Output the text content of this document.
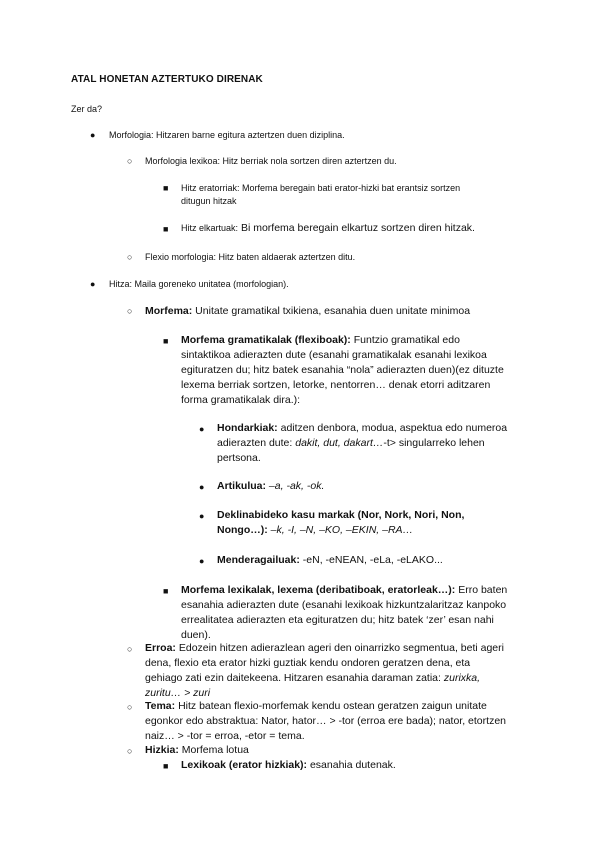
ATAL HONETAN AZTERTUKO DIRENAK
Zer da?
● Morfologia: Hitzaren barne egitura aztertzen duen diziplina.
○ Morfologia lexikoa: Hitz berriak nola sortzen diren aztertzen du.
■ Hitz eratorriak: Morfema beregain bati erator-hizki bat erantsiz sortzen
ditugun hitzak
■ Hitz elkartuak: Bi morfema beregain elkartuz sortzen diren hitzak.
○ Flexio morfologia: Hitz baten aldaerak aztertzen ditu.
● Hitza: Maila goreneko unitatea (morfologian).
○ Morfema: Unitate gramatikal txikiena, esanahia duen unitate minimoa
■ Morfema gramatikalak (flexiboak): Funtzio gramatikal edo
sintaktikoa adierazten dute (esanahi gramatikalak esanahi lexikoa
egituratzen du; hitz batek esanahia “nola” adierazten duen)(ez dituzte
lexema berriak sortzen, letorke, nentorren… denak etorri aditzaren
forma gramatikalak dira.):
● Hondarkiak: aditzen denbora, modua, aspektua edo numeroa
adierazten dute: dakit, dut, dakart…-t> singularreko lehen
pertsona.
● Artikulua: –a, -ak, -ok.
● Deklinabideko kasu markak (Nor, Nork, Nori, Non,
Nongo…): –k, -I, –N, –KO, –EKIN, –RA…
● Menderagailuak: -eN, -eNEAN, -eLa, -eLAKO...
■ Morfema lexikalak, lexema (deribatiboak, eratorleak…): Erro baten
esanahia adierazten dute (esanahi lexikoak hizkuntzalaritzaz kanpoko
errealitatea adierazten eta egituratzen du; hitz batek ‘zer’ esan nahi
duen).
○ Erroa: Edozein hitzen adierazlean ageri den oinarrizko segmentua, beti ageri
dena, flexio eta erator hizki guztiak kendu ondoren geratzen dena, eta
gehiago zati ezin daitekeena. Hitzaren esanahia daraman zatia: zurixka,
zuritu… > zuri
○ Tema: Hitz batean flexio-morfemak kendu ostean geratzen zaigun unitate
egonkor edo abstraktua: Nator, hator… > -tor (erroa ere bada); nator, etortzen
naiz… > -tor = erroa, -etor = tema.
○ Hizkia: Morfema lotua
■ Lexikoak (erator hizkiak): esanahia dutenak.
